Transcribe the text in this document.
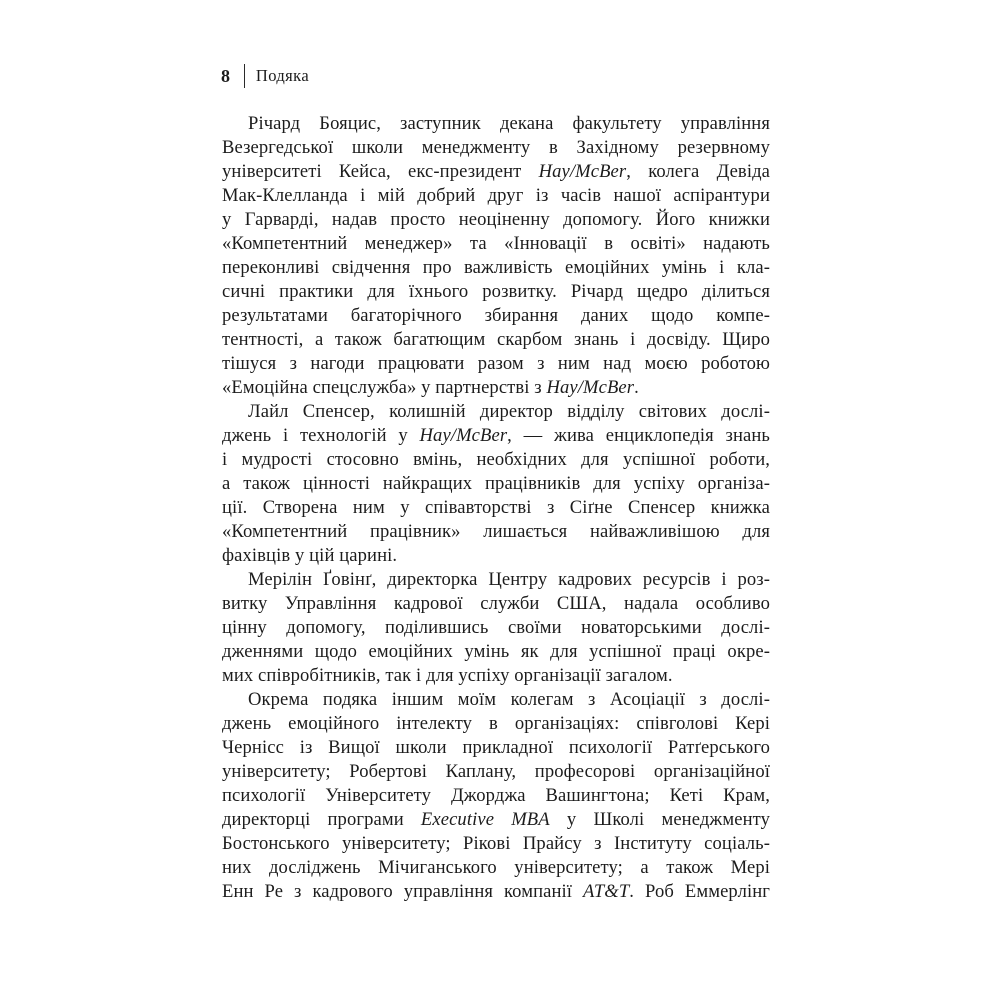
8 Подяка
Річард Бояцис, заступник декана факультету управління
Везергедської школи менеджменту в Західному резервному
університеті Кейса, екс-президент Hay/McBer, колега Девіда
Мак-Клелланда і мій добрий друг із часів нашої аспірантури
у Гарварді, надав просто неоціненну допомогу. Його книжки
«Компетентний менеджер» та «Інновації в освіті» надають
переконливі свідчення про важливість емоційних умінь і кла-
сичні практики для їхнього розвитку. Річард щедро ділиться
результатами багаторічного збирання даних щодо компе-
тентності, а також багатющим скарбом знань і досвіду. Щиро
тішуся з нагоди працювати разом з ним над моєю роботою
«Емоційна спецслужба» у партнерстві з Hay/McBer.
Лайл Спенсер, колишній директор відділу світових дослі-
джень і технологій у Hay/McBer, — жива енциклопедія знань
і мудрості стосовно вмінь, необхідних для успішної роботи,
а також цінності найкращих працівників для успіху організа-
ції. Створена ним у співавторстві з Сіґне Спенсер книжка
«Компетентний працівник» лишається найважливішою для
фахівців у цій царині.
Мерілін Ґовінґ, директорка Центру кадрових ресурсів і роз-
витку Управління кадрової служби США, надала особливо
цінну допомогу, поділившись своїми новаторськими дослі-
дженнями щодо емоційних умінь як для успішної праці окре-
мих співробітників, так і для успіху організації загалом.
Окрема подяка іншим моїм колегам з Асоціації з дослі-
джень емоційного інтелекту в організаціях: співголові Кері
Чернісс із Вищої школи прикладної психології Ратґерського
університету; Робертові Каплану, професорові організаційної
психології Університету Джорджа Вашингтона; Кеті Крам,
директорці програми Executive MBA у Школі менеджменту
Бостонського університету; Рікові Прайсу з Інституту соціаль-
них досліджень Мічиганського університету; а також Мері
Енн Ре з кадрового управління компанії AT&T. Роб Еммерлінг
